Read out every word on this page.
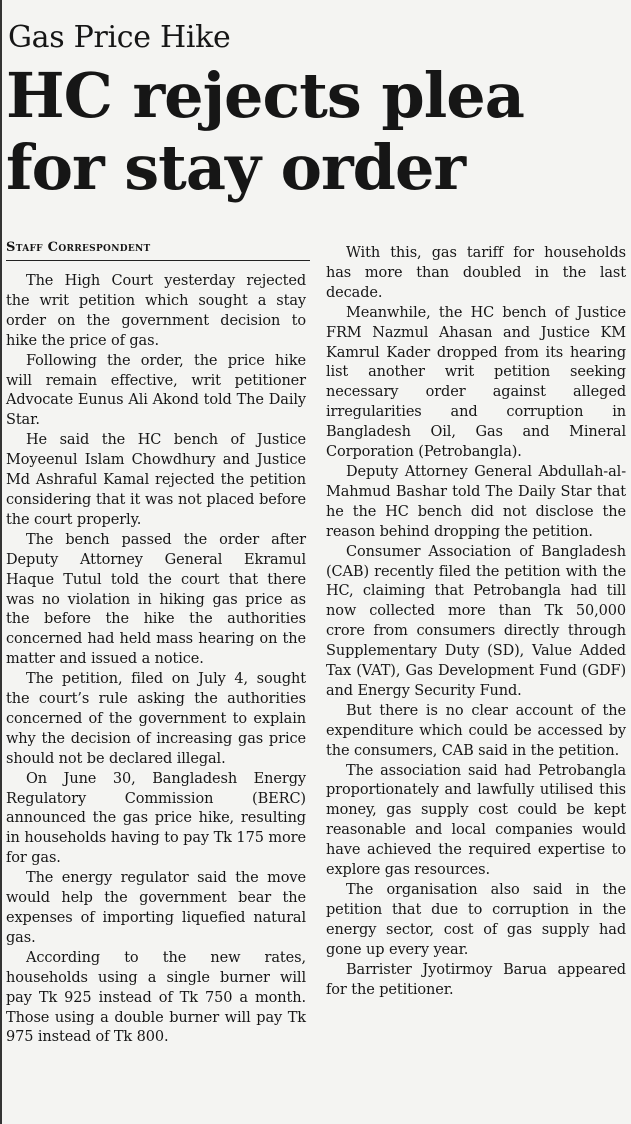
Gas Price Hike
HC rejects plea for stay order
Staff Correspondent

The High Court yesterday rejected the writ petition which sought a stay order on the government decision to hike the price of gas.

Following the order, the price hike will remain effective, writ petitioner Advocate Eunus Ali Akond told The Daily Star.

He said the HC bench of Justice Moyeenul Islam Chowdhury and Justice Md Ashraful Kamal rejected the petition considering that it was not placed before the court properly.

The bench passed the order after Deputy Attorney General Ekramul Haque Tutul told the court that there was no violation in hiking gas price as the before the hike the authorities concerned had held mass hearing on the matter and issued a notice.

The petition, filed on July 4, sought the court’s rule asking the authorities concerned of the government to explain why the decision of increasing gas price should not be declared illegal.

On June 30, Bangladesh Energy Regulatory Commission (BERC) announced the gas price hike, resulting in households having to pay Tk 175 more for gas.

The energy regulator said the move would help the government bear the expenses of importing liquefied natural gas.

According to the new rates, households using a single burner will pay Tk 925 instead of Tk 750 a month. Those using a double burner will pay Tk 975 instead of Tk 800.

With this, gas tariff for households has more than doubled in the last decade.

Meanwhile, the HC bench of Justice FRM Nazmul Ahasan and Justice KM Kamrul Kader dropped from its hearing list another writ petition seeking necessary order against alleged irregularities and corruption in Bangladesh Oil, Gas and Mineral Corporation (Petrobangla).

Deputy Attorney General Abdullah-al-Mahmud Bashar told The Daily Star that he the HC bench did not disclose the reason behind dropping the petition.

Consumer Association of Bangladesh (CAB) recently filed the petition with the HC, claiming that Petrobangla had till now collected more than Tk 50,000 crore from consumers directly through Supplementary Duty (SD), Value Added Tax (VAT), Gas Development Fund (GDF) and Energy Security Fund.

But there is no clear account of the expenditure which could be accessed by the consumers, CAB said in the petition.

The association said had Petrobangla proportionately and lawfully utilised this money, gas supply cost could be kept reasonable and local companies would have achieved the required expertise to explore gas resources.

The organisation also said in the petition that due to corruption in the energy sector, cost of gas supply had gone up every year.

Barrister Jyotirmoy Barua appeared for the petitioner.
